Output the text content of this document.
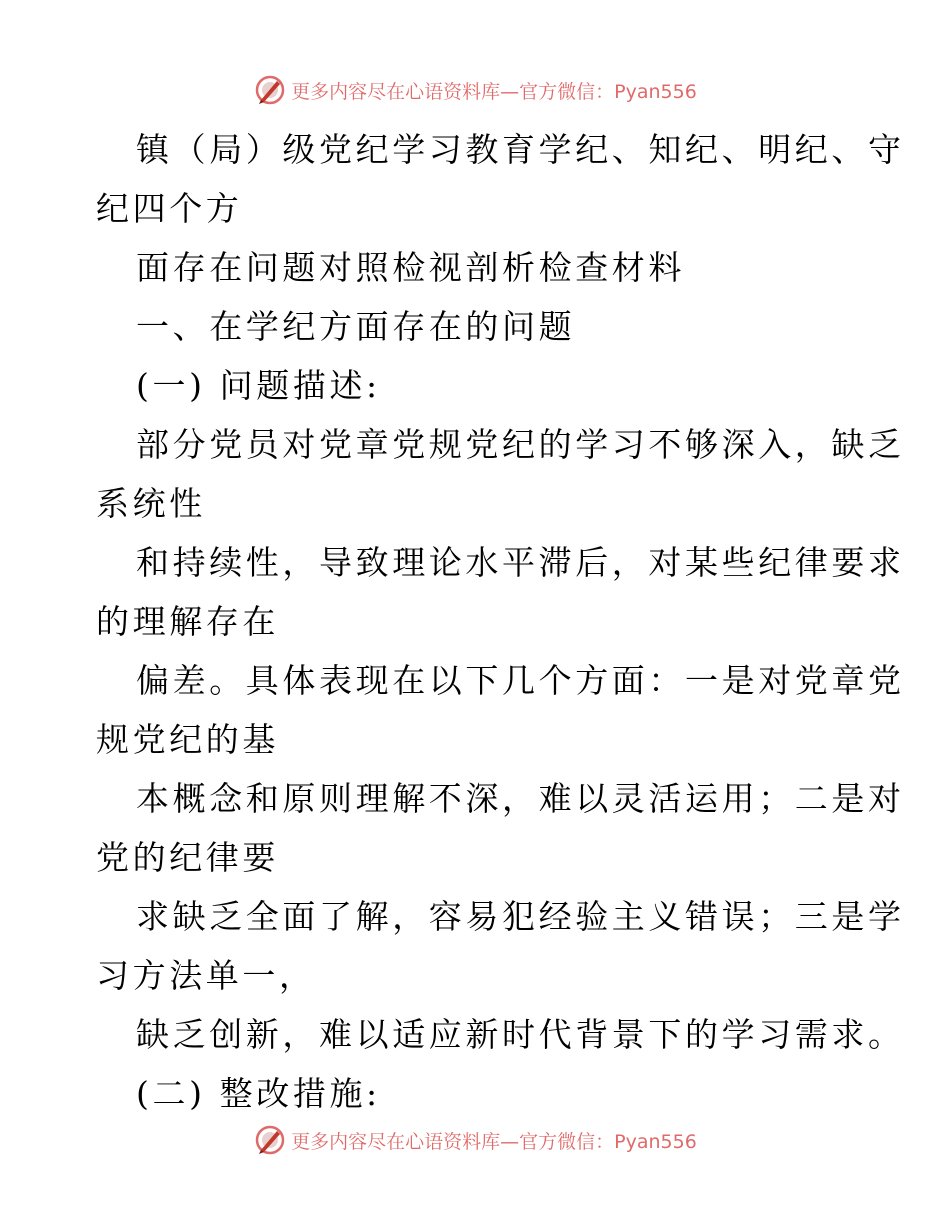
更多内容尽在心语资料库—官方微信：Pyan556
镇（局）级党纪学习教育学纪、知纪、明纪、守
纪四个方
面存在问题对照检视剖析检查材料
一、在学纪方面存在的问题
(一) 问题描述:
部分党员对党章党规党纪的学习不够深入，缺乏
系统性
和持续性，导致理论水平滞后，对某些纪律要求
的理解存在
偏差。具体表现在以下几个方面：一是对党章党
规党纪的基
本概念和原则理解不深，难以灵活运用；二是对
党的纪律要
求缺乏全面了解，容易犯经验主义错误；三是学
习方法单一，
缺乏创新，难以适应新时代背景下的学习需求。
(二) 整改措施:
更多内容尽在心语资料库—官方微信：Pyan556
